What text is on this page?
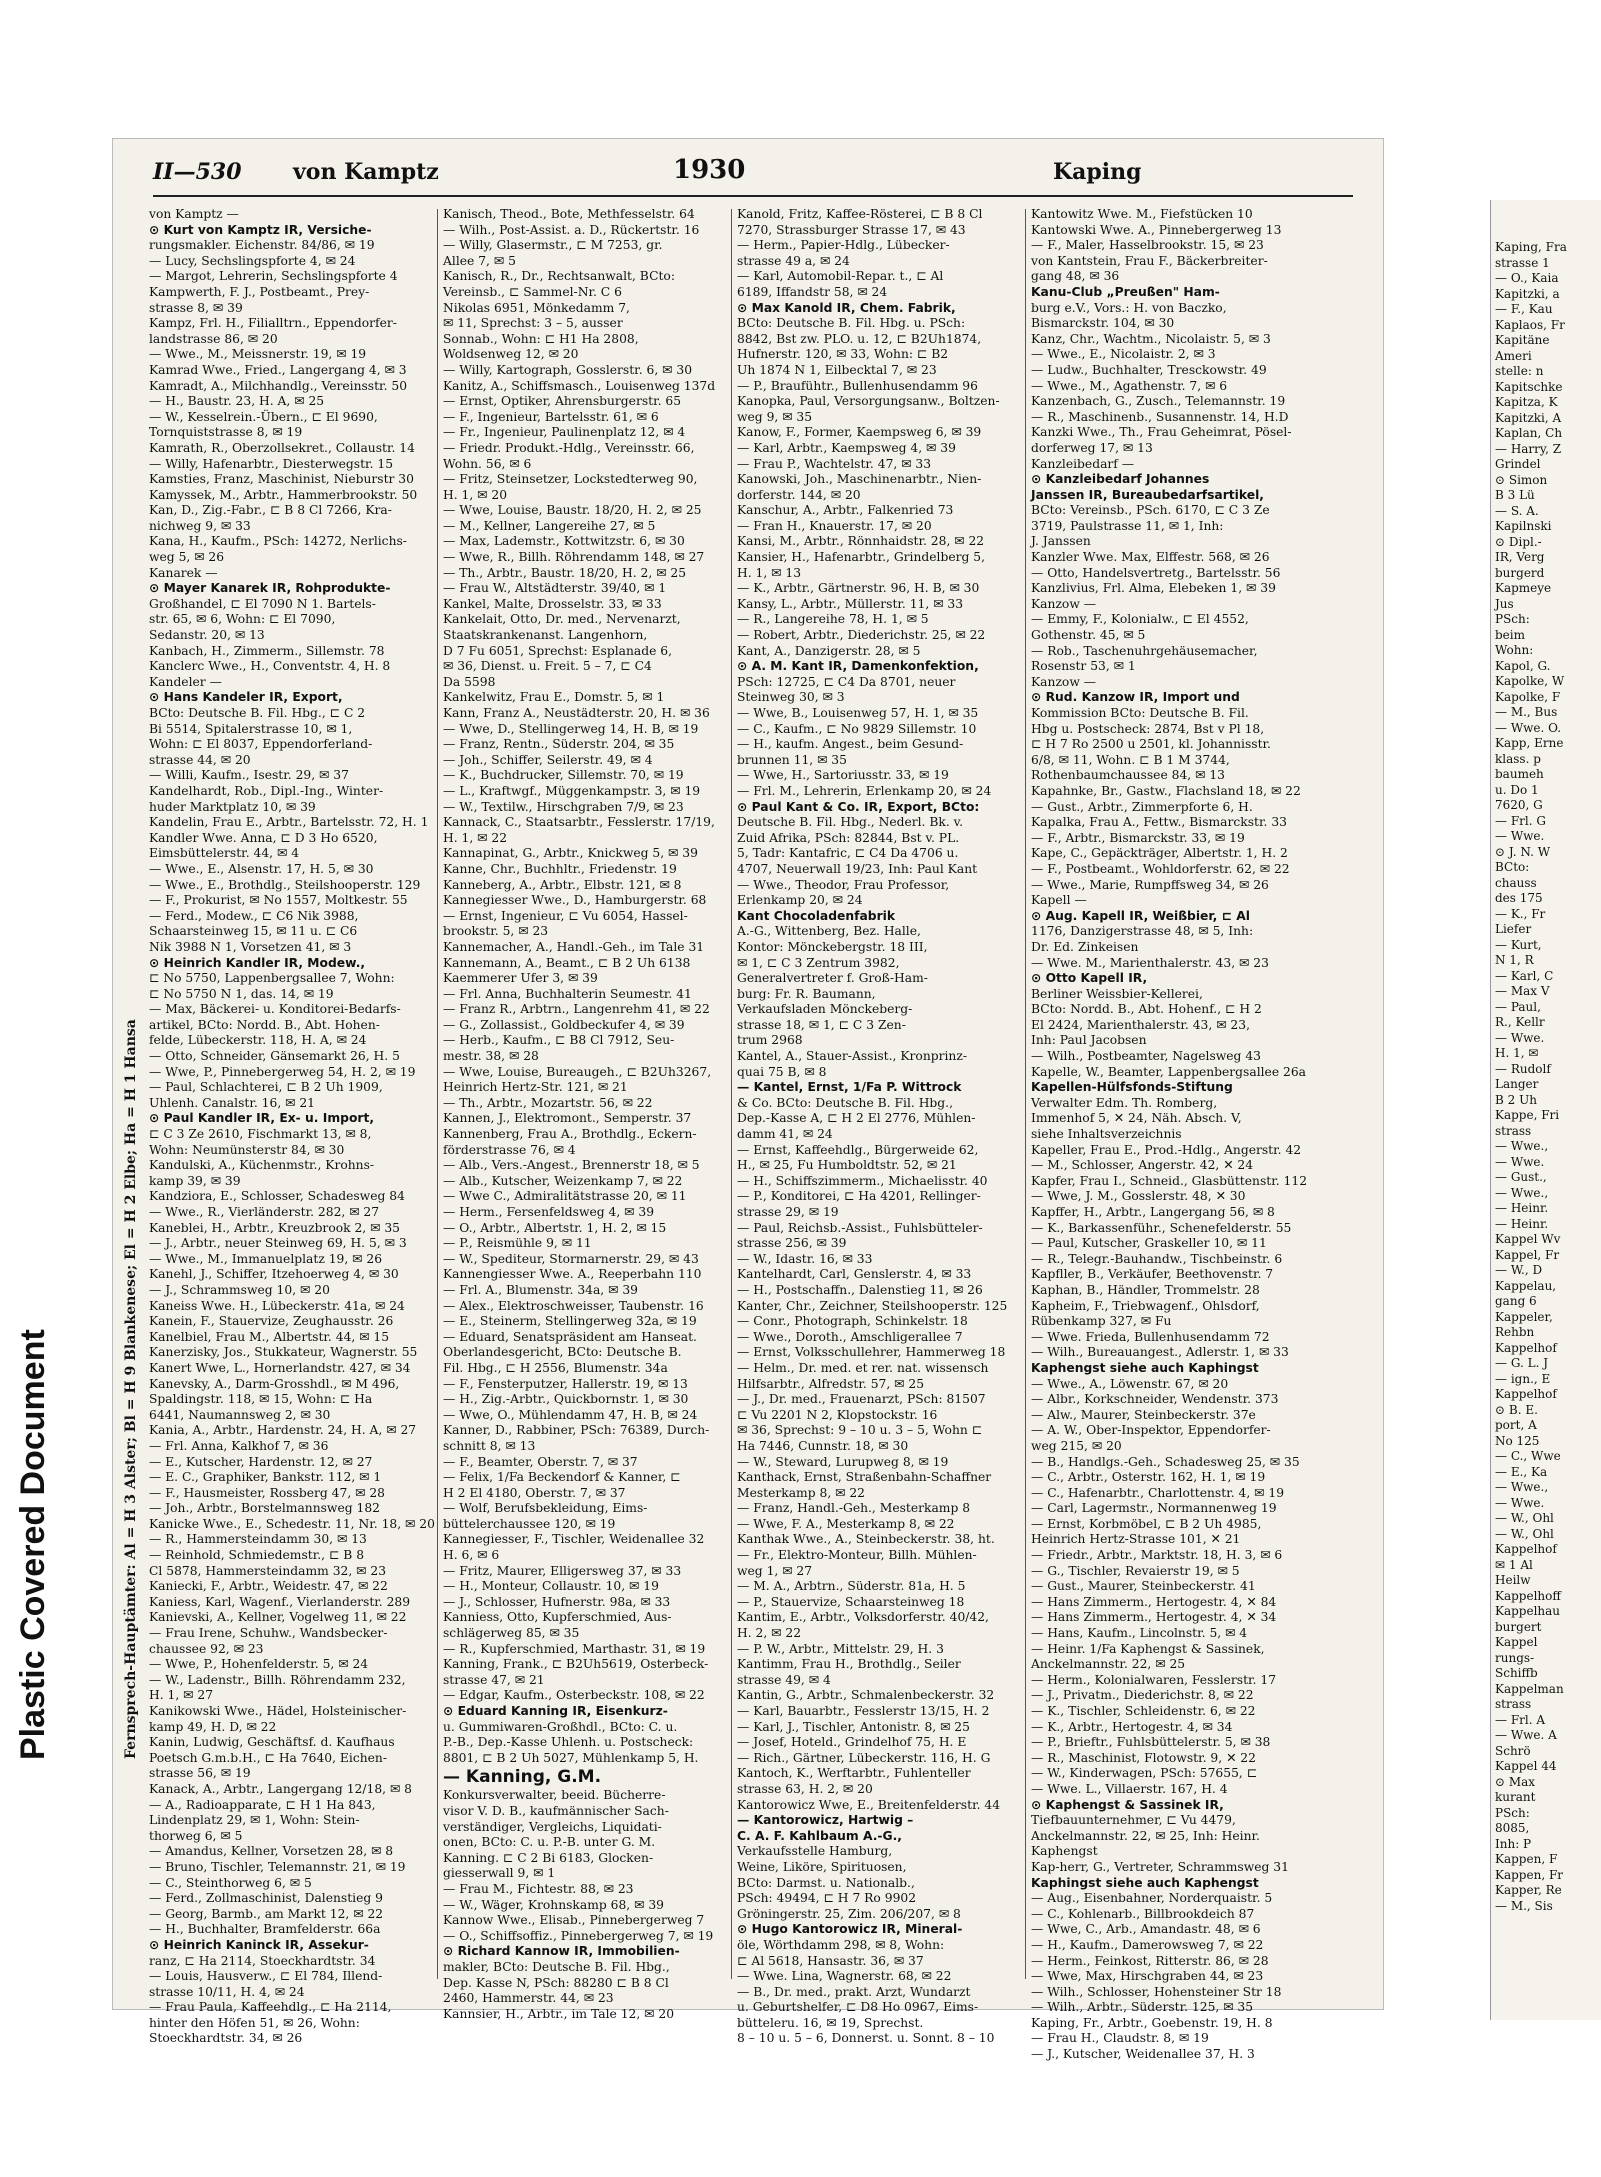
Plastic Covered Document
II—530 von Kamptz	1930	Kaping
Fernsprech-Hauptämter: Al = H 3 Alster; Bl = H 9 Blankenese; El = H 2 Elbe; Ha = H 1 Hansa
von Kamptz —
⊙ Kurt von Kamptz IR, Versiche-
rungsmakler. Eichenstr. 84/86, ✉ 19
— Lucy, Sechslingspforte 4, ✉ 24
— Margot, Lehrerin, Sechslingspforte 4
Kampwerth, F. J., Postbeamt., Prey-
strasse 8, ✉ 39
Kampz, Frl. H., Filialltrn., Eppendorfer-
landstrasse 86, ✉ 20
— Wwe., M., Meissnerstr. 19, ✉ 19
Kamrad Wwe., Fried., Langergang 4, ✉ 3
Kamradt, A., Milchhandlg., Vereinsstr. 50
— H., Baustr. 23, H. A, ✉ 25
— W., Kesselrein.-Übern., ⊏ El 9690,
Tornquiststrasse 8, ✉ 19
Kamrath, R., Oberzollsekret., Collaustr. 14
— Willy, Hafenarbtr., Diesterwegstr. 15
Kamsties, Franz, Maschinist, Nieburstr 30
Kamyssek, M., Arbtr., Hammerbrookstr. 50
Kan, D., Zig.-Fabr., ⊏ B 8 Cl 7266, Kra-
nichweg 9, ✉ 33
Kana, H., Kaufm., PSch: 14272, Nerlichs-
weg 5, ✉ 26
Kanarek —
⊙ Mayer Kanarek IR, Rohprodukte-
Großhandel, ⊏ El 7090 N 1. Bartels-
str. 65, ✉ 6, Wohn: ⊏ El 7090,
Sedanstr. 20, ✉ 13
Kanbach, H., Zimmerm., Sillemstr. 78
Kanclerc Wwe., H., Conventstr. 4, H. 8
Kandeler —
⊙ Hans Kandeler IR, Export,
BCto: Deutsche B. Fil. Hbg., ⊏ C 2
Bi 5514, Spitalerstrasse 10, ✉ 1,
Wohn: ⊏ El 8037, Eppendorferland-
strasse 44, ✉ 20
— Willi, Kaufm., Isestr. 29, ✉ 37
Kandelhardt, Rob., Dipl.-Ing., Winter-
huder Marktplatz 10, ✉ 39
Kandelin, Frau E., Arbtr., Bartelsstr. 72, H. 1
Kandler Wwe. Anna, ⊏ D 3 Ho 6520,
Eimsbüttelerstr. 44, ✉ 4
— Wwe., E., Alsenstr. 17, H. 5, ✉ 30
— Wwe., E., Brothdlg., Steilshooperstr. 129
— F., Prokurist, ✉ No 1557, Moltkestr. 55
— Ferd., Modew., ⊏ C6 Nik 3988,
Schaarsteinweg 15, ✉ 11 u. ⊏ C6
Nik 3988 N 1, Vorsetzen 41, ✉ 3
⊙ Heinrich Kandler IR, Modew.,
⊏ No 5750, Lappenbergsallee 7, Wohn:
⊏ No 5750 N 1, das. 14, ✉ 19
— Max, Bäckerei- u. Konditorei-Bedarfs-
artikel, BCto: Nordd. B., Abt. Hohen-
felde, Lübeckerstr. 118, H. A, ✉ 24
— Otto, Schneider, Gänsemarkt 26, H. 5
— Wwe, P., Pinnebergerweg 54, H. 2, ✉ 19
— Paul, Schlachterei, ⊏ B 2 Uh 1909,
Uhlenh. Canalstr. 16, ✉ 21
⊙ Paul Kandler IR, Ex- u. Import,
⊏ C 3 Ze 2610, Fischmarkt 13, ✉ 8,
Wohn: Neumünsterstr 84, ✉ 30
Kandulski, A., Küchenmstr., Krohns-
kamp 39, ✉ 39
Kandziora, E., Schlosser, Schadesweg 84
— Wwe., R., Vierländerstr. 282, ✉ 27
Kaneblei, H., Arbtr., Kreuzbrook 2, ✉ 35
— J., Arbtr., neuer Steinweg 69, H. 5, ✉ 3
— Wwe., M., Immanuelplatz 19, ✉ 26
Kanehl, J., Schiffer, Itzehoerweg 4, ✉ 30
— J., Schrammsweg 10, ✉ 20
Kaneiss Wwe. H., Lübeckerstr. 41a, ✉ 24
Kanein, F., Stauervize, Zeughausstr. 26
Kanelbiel, Frau M., Albertstr. 44, ✉ 15
Kanerzisky, Jos., Stukkateur, Wagnerstr. 55
Kanert Wwe, L., Hornerlandstr. 427, ✉ 34
Kanevsky, A., Darm-Grosshdl., ✉ M 496,
Spaldingstr. 118, ✉ 15, Wohn: ⊏ Ha
6441, Naumannsweg 2, ✉ 30
Kania, A., Arbtr., Hardenstr. 24, H. A, ✉ 27
— Frl. Anna, Kalkhof 7, ✉ 36
— E., Kutscher, Hardenstr. 12, ✉ 27
— E. C., Graphiker, Bankstr. 112, ✉ 1
— F., Hausmeister, Rossberg 47, ✉ 28
— Joh., Arbtr., Borstelmannsweg 182
Kanicke Wwe., E., Schedestr. 11, Nr. 18, ✉ 20
— R., Hammersteindamm 30, ✉ 13
— Reinhold, Schmiedemstr., ⊏ B 8
Cl 5878, Hammersteindamm 32, ✉ 23
Kaniecki, F., Arbtr., Weidestr. 47, ✉ 22
Kaniess, Karl, Wagenf., Vierlanderstr. 289
Kanievski, A., Kellner, Vogelweg 11, ✉ 22
— Frau Irene, Schuhw., Wandsbecker-
chaussee 92, ✉ 23
— Wwe, P., Hohenfelderstr. 5, ✉ 24
— W., Ladenstr., Billh. Röhrendamm 232,
H. 1, ✉ 27
Kanikowski Wwe., Hädel, Holsteinischer-
kamp 49, H. D, ✉ 22
Kanin, Ludwig, Geschäftsf. d. Kaufhaus
Poetsch G.m.b.H., ⊏ Ha 7640, Eichen-
strasse 56, ✉ 19
Kanack, A., Arbtr., Langergang 12/18, ✉ 8
— A., Radioapparate, ⊏ H 1 Ha 843,
Lindenplatz 29, ✉ 1, Wohn: Stein-
thorweg 6, ✉ 5
— Amandus, Kellner, Vorsetzen 28, ✉ 8
— Bruno, Tischler, Telemannstr. 21, ✉ 19
— C., Steinthorweg 6, ✉ 5
— Ferd., Zollmaschinist, Dalenstieg 9
— Georg, Barmb., am Markt 12, ✉ 22
— H., Buchhalter, Bramfelderstr. 66a
⊙ Heinrich Kaninck IR, Assekur-
ranz, ⊏ Ha 2114, Stoeckhardtstr. 34
— Louis, Hausverw., ⊏ El 784, Illend-
strasse 10/11, H. 4, ✉ 24
— Frau Paula, Kaffeehdlg., ⊏ Ha 2114,
hinter den Höfen 51, ✉ 26, Wohn:
Stoeckhardtstr. 34, ✉ 26
Kanisch, Theod., Bote, Methfesselstr. 64
— Wilh., Post-Assist. a. D., Rückertstr. 16
— Willy, Glasermstr., ⊏ M 7253, gr.
Allee 7, ✉ 5
Kanisch, R., Dr., Rechtsanwalt, BCto:
Vereinsb., ⊏ Sammel-Nr. C 6
Nikolas 6951, Mönkedamm 7,
✉ 11, Sprechst: 3 – 5, ausser
Sonnab., Wohn: ⊏ H1 Ha 2808,
Woldsenweg 12, ✉ 20
— Willy, Kartograph, Gosslerstr. 6, ✉ 30
Kanitz, A., Schiffsmasch., Louisenweg 137d
— Ernst, Optiker, Ahrensburgerstr. 65
— F., Ingenieur, Bartelsstr. 61, ✉ 6
— Fr., Ingenieur, Paulinenplatz 12, ✉ 4
— Friedr. Produkt.-Hdlg., Vereinsstr. 66,
Wohn. 56, ✉ 6
— Fritz, Steinsetzer, Lockstedterweg 90,
H. 1, ✉ 20
— Wwe, Louise, Baustr. 18/20, H. 2, ✉ 25
— M., Kellner, Langereihe 27, ✉ 5
— Max, Lademstr., Kottwitzstr. 6, ✉ 30
— Wwe, R., Billh. Röhrendamm 148, ✉ 27
— Th., Arbtr., Baustr. 18/20, H. 2, ✉ 25
— Frau W., Altstädterstr. 39/40, ✉ 1
Kankel, Malte, Drosselstr. 33, ✉ 33
Kankelait, Otto, Dr. med., Nervenarzt,
Staatskrankenanst. Langenhorn,
D 7 Fu 6051, Sprechst: Esplanade 6,
✉ 36, Dienst. u. Freit. 5 – 7, ⊏ C4
Da 5598
Kankelwitz, Frau E., Domstr. 5, ✉ 1
Kann, Franz A., Neustädterstr. 20, H. ✉ 36
— Wwe, D., Stellingerweg 14, H. B, ✉ 19
— Franz, Rentn., Süderstr. 204, ✉ 35
— Joh., Schiffer, Seilerstr. 49, ✉ 4
— K., Buchdrucker, Sillemstr. 70, ✉ 19
— L., Kraftwgf., Müggenkampstr. 3, ✉ 19
— W., Textilw., Hirschgraben 7/9, ✉ 23
Kannack, C., Staatsarbtr., Fesslerstr. 17/19,
H. 1, ✉ 22
Kannapinat, G., Arbtr., Knickweg 5, ✉ 39
Kanne, Chr., Buchhltr., Friedenstr. 19
Kanneberg, A., Arbtr., Elbstr. 121, ✉ 8
Kannegiesser Wwe., D., Hamburgerstr. 68
— Ernst, Ingenieur, ⊏ Vu 6054, Hassel-
brookstr. 5, ✉ 23
Kannemacher, A., Handl.-Geh., im Tale 31
Kannemann, A., Beamt., ⊏ B 2 Uh 6138
Kaemmerer Ufer 3, ✉ 39
— Frl. Anna, Buchhalterin Seumestr. 41
— Franz R., Arbtrn., Langenrehm 41, ✉ 22
— G., Zollassist., Goldbeckufer 4, ✉ 39
— Herb., Kaufm., ⊏ B8 Cl 7912, Seu-
mestr. 38, ✉ 28
— Wwe, Louise, Bureaugeh., ⊏ B2Uh3267,
Heinrich Hertz-Str. 121, ✉ 21
— Th., Arbtr., Mozartstr. 56, ✉ 22
Kannen, J., Elektromont., Semperstr. 37
Kannenberg, Frau A., Brothdlg., Eckern-
förderstrasse 76, ✉ 4
— Alb., Vers.-Angest., Brennerstr 18, ✉ 5
— Alb., Kutscher, Weizenkamp 7, ✉ 22
— Wwe C., Admiralitätstrasse 20, ✉ 11
— Herm., Fersenfeldsweg 4, ✉ 39
— O., Arbtr., Albertstr. 1, H. 2, ✉ 15
— P., Reismühle 9, ✉ 11
— W., Spediteur, Stormarnerstr. 29, ✉ 43
Kannengiesser Wwe. A., Reeperbahn 110
— Frl. A., Blumenstr. 34a, ✉ 39
— Alex., Elektroschweisser, Taubenstr. 16
— E., Steinerm, Stellingerweg 32a, ✉ 19
— Eduard, Senatspräsident am Hanseat.
Oberlandesgericht, BCto: Deutsche B.
Fil. Hbg., ⊏ H 2556, Blumenstr. 34a
— F., Fensterputzer, Hallerstr. 19, ✉ 13
— H., Zig.-Arbtr., Quickbornstr. 1, ✉ 30
— Wwe, O., Mühlendamm 47, H. B, ✉ 24
Kanner, D., Rabbiner, PSch: 76389, Durch-
schnitt 8, ✉ 13
— F., Beamter, Oberstr. 7, ✉ 37
— Felix, 1/Fa Beckendorf & Kanner, ⊏
H 2 El 4180, Oberstr. 7, ✉ 37
— Wolf, Berufsbekleidung, Eims-
büttelerchaussee 120, ✉ 19
Kannegiesser, F., Tischler, Weidenallee 32
H. 6, ✉ 6
— Fritz, Maurer, Elligersweg 37, ✉ 33
— H., Monteur, Collaustr. 10, ✉ 19
— J., Schlosser, Hufnerstr. 98a, ✉ 33
Kanniess, Otto, Kupferschmied, Aus-
schlägerweg 85, ✉ 35
— R., Kupferschmied, Marthastr. 31, ✉ 19
Kanning, Frank., ⊏ B2Uh5619, Osterbeck-
strasse 47, ✉ 21
— Edgar, Kaufm., Osterbeckstr. 108, ✉ 22
⊙ Eduard Kanning IR, Eisenkurz-
u. Gummiwaren-Großhdl., BCto: C. u.
P.-B., Dep.-Kasse Uhlenh. u. Postscheck:
8801, ⊏ B 2 Uh 5027, Mühlenkamp 5, H.
— Kanning, G.M.
Konkursverwalter, beeid. Bücherre-
visor V. D. B., kaufmännischer Sach-
verständiger, Vergleichs, Liquidati-
onen, BCto: C. u. P.-B. unter G. M.
Kanning. ⊏ C 2 Bi 6183, Glocken-
giesserwall 9, ✉ 1
— Frau M., Fichtestr. 88, ✉ 23
— W., Wäger, Krohnskamp 68, ✉ 39
Kannow Wwe., Elisab., Pinnebergerweg 7
— O., Schiffsoffiz., Pinnebergerweg 7, ✉ 19
⊙ Richard Kannow IR, Immobilien-
makler, BCto: Deutsche B. Fil. Hbg.,
Dep. Kasse N, PSch: 88280 ⊏ B 8 Cl
2460, Hammerstr. 44, ✉ 23
Kannsier, H., Arbtr., im Tale 12, ✉ 20
Kanold, Fritz, Kaffee-Rösterei, ⊏ B 8 Cl
7270, Strassburger Strasse 17, ✉ 43
— Herm., Papier-Hdlg., Lübecker-
strasse 49 a, ✉ 24
— Karl, Automobil-Repar. t., ⊏ Al
6189, Iffandstr 58, ✉ 24
⊙ Max Kanold IR, Chem. Fabrik,
BCto: Deutsche B. Fil. Hbg. u. PSch:
8842, Bst zw. PLO. u. 12, ⊏ B2Uh1874,
Hufnerstr. 120, ✉ 33, Wohn: ⊏ B2
Uh 1874 N 1, Eilbecktal 7, ✉ 23
— P., Braufühtr., Bullenhusendamm 96
Kanopka, Paul, Versorgungsanw., Boltzen-
weg 9, ✉ 35
Kanow, F., Former, Kaempsweg 6, ✉ 39
— Karl, Arbtr., Kaempsweg 4, ✉ 39
— Frau P., Wachtelstr. 47, ✉ 33
Kanowski, Joh., Maschinenarbtr., Nien-
dorferstr. 144, ✉ 20
Kanschur, A., Arbtr., Falkenried 73
— Fran H., Knauerstr. 17, ✉ 20
Kansi, M., Arbtr., Rönnhaidstr. 28, ✉ 22
Kansier, H., Hafenarbtr., Grindelberg 5,
H. 1, ✉ 13
— K., Arbtr., Gärtnerstr. 96, H. B, ✉ 30
Kansy, L., Arbtr., Müllerstr. 11, ✉ 33
— R., Langereihe 78, H. 1, ✉ 5
— Robert, Arbtr., Diederichstr. 25, ✉ 22
Kant, A., Danzigerstr. 28, ✉ 5
⊙ A. M. Kant IR, Damenkonfektion,
PSch: 12725, ⊏ C4 Da 8701, neuer
Steinweg 30, ✉ 3
— Wwe, B., Louisenweg 57, H. 1, ✉ 35
— C., Kaufm., ⊏ No 9829 Sillemstr. 10
— H., kaufm. Angest., beim Gesund-
brunnen 11, ✉ 35
— Wwe, H., Sartoriusstr. 33, ✉ 19
— Frl. M., Lehrerin, Erlenkamp 20, ✉ 24
⊙ Paul Kant & Co. IR, Export, BCto:
Deutsche B. Fil. Hbg., Nederl. Bk. v.
Zuid Afrika, PSch: 82844, Bst v. PL.
5, Tadr: Kantafric, ⊏ C4 Da 4706 u.
4707, Neuerwall 19/23, Inh: Paul Kant
— Wwe., Theodor, Frau Professor,
Erlenkamp 20, ✉ 24
Kant Chocoladenfabrik
A.-G., Wittenberg, Bez. Halle,
Kontor: Mönckebergstr. 18 III,
✉ 1, ⊏ C 3 Zentrum 3982,
Generalvertreter f. Groß-Ham-
burg: Fr. R. Baumann,
Verkaufsladen Mönckeberg-
strasse 18, ✉ 1, ⊏ C 3 Zen-
trum 2968
Kantel, A., Stauer-Assist., Kronprinz-
quai 75 B, ✉ 8
— Kantel, Ernst, 1/Fa P. Wittrock
& Co. BCto: Deutsche B. Fil. Hbg.,
Dep.-Kasse A, ⊏ H 2 El 2776, Mühlen-
damm 41, ✉ 24
— Ernst, Kaffeehdlg., Bürgerweide 62,
H., ✉ 25, Fu Humboldtstr. 52, ✉ 21
— H., Schiffszimmerm., Michaelisstr. 40
— P., Konditorei, ⊏ Ha 4201, Rellinger-
strasse 29, ✉ 19
— Paul, Reichsb.-Assist., Fuhlsbütteler-
strasse 256, ✉ 39
— W., Idastr. 16, ✉ 33
Kantelhardt, Carl, Genslerstr. 4, ✉ 33
— H., Postschaffn., Dalenstieg 11, ✉ 26
Kanter, Chr., Zeichner, Steilshooperstr. 125
— Conr., Photograph, Schinkelstr. 18
— Wwe., Doroth., Amschligerallee 7
— Ernst, Volksschullehrer, Hammerweg 18
— Helm., Dr. med. et rer. nat. wissensch
Hilfsarbtr., Alfredstr. 57, ✉ 25
— J., Dr. med., Frauenarzt, PSch: 81507
⊏ Vu 2201 N 2, Klopstockstr. 16
✉ 36, Sprechst: 9 – 10 u. 3 – 5, Wohn ⊏
Ha 7446, Cunnstr. 18, ✉ 30
— W., Steward, Lurupweg 8, ✉ 19
Kanthack, Ernst, Straßenbahn-Schaffner
Mesterkamp 8, ✉ 22
— Franz, Handl.-Geh., Mesterkamp 8
— Wwe, F. A., Mesterkamp 8, ✉ 22
Kanthak Wwe., A., Steinbeckerstr. 38, ht.
— Fr., Elektro-Monteur, Billh. Mühlen-
weg 1, ✉ 27
— M. A., Arbtrn., Süderstr. 81a, H. 5
— P., Stauervize, Schaarsteinweg 18
Kantim, E., Arbtr., Volksdorferstr. 40/42,
H. 2, ✉ 22
— P. W., Arbtr., Mittelstr. 29, H. 3
Kantimm, Frau H., Brothdlg., Seiler
strasse 49, ✉ 4
Kantin, G., Arbtr., Schmalenbeckerstr. 32
— Karl, Bauarbtr., Fesslerstr 13/15, H. 2
— Karl, J., Tischler, Antonistr. 8, ✉ 25
— Josef, Hoteld., Grindelhof 75, H. E
— Rich., Gärtner, Lübeckerstr. 116, H. G
Kantoch, K., Werftarbtr., Fuhlenteller
strasse 63, H. 2, ✉ 20
Kantorowicz Wwe, E., Breitenfelderstr. 44
— Kantorowicz, Hartwig –
C. A. F. Kahlbaum A.-G.,
Verkaufsstelle Hamburg,
Weine, Liköre, Spirituosen,
BCto: Darmst. u. Nationalb.,
PSch: 49494, ⊏ H 7 Ro 9902
Gröningerstr. 25, Zim. 206/207, ✉ 8
⊙ Hugo Kantorowicz IR, Mineral-
öle, Wörthdamm 298, ✉ 8, Wohn:
⊏ Al 5618, Hansastr. 36, ✉ 37
— Wwe. Lina, Wagnerstr. 68, ✉ 22
— B., Dr. med., prakt. Arzt, Wundarzt
u. Geburtshelfer, ⊏ D8 Ho 0967, Eims-
bütteleru. 16, ✉ 19, Sprechst.
8 – 10 u. 5 – 6, Donnerst. u. Sonnt. 8 – 10
Kantowitz Wwe. M., Fiefstücken 10
Kantowski Wwe. A., Pinnebergerweg 13
— F., Maler, Hasselbrookstr. 15, ✉ 23
von Kantstein, Frau F., Bäckerbreiter-
gang 48, ✉ 36
Kanu-Club „Preußen" Ham-
burg e.V., Vors.: H. von Baczko,
Bismarckstr. 104, ✉ 30
Kanz, Chr., Wachtm., Nicolaistr. 5, ✉ 3
— Wwe., E., Nicolaistr. 2, ✉ 3
— Ludw., Buchhalter, Tresckowstr. 49
— Wwe., M., Agathenstr. 7, ✉ 6
Kanzenbach, G., Zusch., Telemannstr. 19
— R., Maschinenb., Susannenstr. 14, H.D
Kanzki Wwe., Th., Frau Geheimrat, Pösel-
dorferweg 17, ✉ 13
Kanzleibedarf —
⊙ Kanzleibedarf Johannes
Janssen IR, Bureaubedarfsartikel,
BCto: Vereinsb., PSch. 6170, ⊏ C 3 Ze
3719, Paulstrasse 11, ✉ 1, Inh:
J. Janssen
Kanzler Wwe. Max, Elffestr. 568, ✉ 26
— Otto, Handelsvertretg., Bartelsstr. 56
Kanzlivius, Frl. Alma, Elebeken 1, ✉ 39
Kanzow —
— Emmy, F., Kolonialw., ⊏ El 4552,
Gothenstr. 45, ✉ 5
— Rob., Taschenuhrgehäusemacher,
Rosenstr 53, ✉ 1
Kanzow —
⊙ Rud. Kanzow IR, Import und
Kommission BCto: Deutsche B. Fil.
Hbg u. Postscheck: 2874, Bst v Pl 18,
⊏ H 7 Ro 2500 u 2501, kl. Johannisstr.
6/8, ✉ 11, Wohn. ⊏ B 1 M 3744,
Rothenbaumchaussee 84, ✉ 13
Kapahnke, Br., Gastw., Flachsland 18, ✉ 22
— Gust., Arbtr., Zimmerpforte 6, H.
Kapalka, Frau A., Fettw., Bismarckstr. 33
— F., Arbtr., Bismarckstr. 33, ✉ 19
Kape, C., Gepäckträger, Albertstr. 1, H. 2
— F., Postbeamt., Wohldorferstr. 62, ✉ 22
— Wwe., Marie, Rumpffsweg 34, ✉ 26
Kapell —
⊙ Aug. Kapell IR, Weißbier, ⊏ Al
1176, Danzigerstrasse 48, ✉ 5, Inh:
Dr. Ed. Zinkeisen
— Wwe. M., Marienthalerstr. 43, ✉ 23
⊙ Otto Kapell IR,
Berliner Weissbier-Kellerei,
BCto: Nordd. B., Abt. Hohenf., ⊏ H 2
El 2424, Marienthalerstr. 43, ✉ 23,
Inh: Paul Jacobsen
— Wilh., Postbeamter, Nagelsweg 43
Kapelle, W., Beamter, Lappenbergsallee 26a
Kapellen-Hülfsfonds-Stiftung
Verwalter Edm. Th. Romberg,
Immenhof 5, ✕ 24, Näh. Absch. V,
siehe Inhaltsverzeichnis
Kapeller, Frau E., Prod.-Hdlg., Angerstr. 42
— M., Schlosser, Angerstr. 42, ✕ 24
Kapfer, Frau I., Schneid., Glasbüttenstr. 112
— Wwe, J. M., Gosslerstr. 48, ✕ 30
Kapffer, H., Arbtr., Langergang 56, ✉ 8
— K., Barkassenführ., Schenefelderstr. 55
— Paul, Kutscher, Graskeller 10, ✉ 11
— R., Telegr.-Bauhandw., Tischbeinstr. 6
Kapfller, B., Verkäufer, Beethovenstr. 7
Kaphan, B., Händler, Trommelstr. 28
Kapheim, F., Triebwagenf., Ohlsdorf,
Rübenkamp 327, ✉ Fu
— Wwe. Frieda, Bullenhusendamm 72
— Wilh., Bureauangest., Adlerstr. 1, ✉ 33
Kaphengst siehe auch Kaphingst
— Wwe., A., Löwenstr. 67, ✉ 20
— Albr., Korkschneider, Wendenstr. 373
— Alw., Maurer, Steinbeckerstr. 37e
— A. W., Ober-Inspektor, Eppendorfer-
weg 215, ✉ 20
— B., Handlgs.-Geh., Schadesweg 25, ✉ 35
— C., Arbtr., Osterstr. 162, H. 1, ✉ 19
— C., Hafenarbtr., Charlottenstr. 4, ✉ 19
— Carl, Lagermstr., Normannenweg 19
— Ernst, Korbmöbel, ⊏ B 2 Uh 4985,
Heinrich Hertz-Strasse 101, ✕ 21
— Friedr., Arbtr., Marktstr. 18, H. 3, ✉ 6
— G., Tischler, Revaierstr 19, ✉ 5
— Gust., Maurer, Steinbeckerstr. 41
— Hans Zimmerm., Hertogestr. 4, ✕ 84
— Hans Zimmerm., Hertogestr. 4, ✕ 34
— Hans, Kaufm., Lincolnstr. 5, ✉ 4
— Heinr. 1/Fa Kaphengst & Sassinek,
Anckelmannstr. 22, ✉ 25
— Herm., Kolonialwaren, Fesslerstr. 17
— J., Privatm., Diederichstr. 8, ✉ 22
— K., Tischler, Schleidenstr. 6, ✉ 22
— K., Arbtr., Hertogestr. 4, ✉ 34
— P., Brieftr., Fuhlsbüttelerstr. 5, ✉ 38
— R., Maschinist, Flotowstr. 9, ✕ 22
— W., Kinderwagen, PSch: 57655, ⊏
— Wwe. L., Villaerstr. 167, H. 4
⊙ Kaphengst & Sassinek IR,
Tiefbauunternehmer, ⊏ Vu 4479,
Anckelmannstr. 22, ✉ 25, Inh: Heinr.
Kaphengst
Kap-herr, G., Vertreter, Schrammsweg 31
Kaphingst siehe auch Kaphengst
— Aug., Eisenbahner, Norderquaistr. 5
— C., Kohlenarb., Billbrookdeich 87
— Wwe, C., Arb., Amandastr. 48, ✉ 6
— H., Kaufm., Damerowsweg 7, ✉ 22
— Herm., Feinkost, Ritterstr. 86, ✉ 28
— Wwe, Max, Hirschgraben 44, ✉ 23
— Wilh., Schlosser, Hohensteiner Str 18
— Wilh., Arbtr., Süderstr. 125, ✉ 35
Kaping, Fr., Arbtr., Goebenstr. 19, H. 8
— Frau H., Claudstr. 8, ✉ 19
— J., Kutscher, Weidenallee 37, H. 3
Kaping, Fra
strasse 1
— O., Kaia
Kapitzki, a
— F., Kau
Kaplaos, Fr
Kapitäne
Ameri
stelle: n
Kapitschke
Kapitza, K
Kapitzki, A
Kaplan, Ch
— Harry, Z
Grindel
⊙ Simon
B 3 Lü
— S. A.
Kapilnski
⊙ Dipl.-
IR, Verg
burgerd
Kapmeye
Jus
PSch:
beim
Wohn:
Kapol, G.
Kapolke, W
Kapolke, F
— M., Bus
— Wwe. O.
Kapp, Erne
klass. p
baumeh
u. Do 1
7620, G
— Frl. G
— Wwe.
⊙ J. N. W
BCto:
chauss
des 175
— K., Fr
Liefer
— Kurt,
N 1, R
— Karl, C
— Max V
— Paul,
R., Kellr
— Wwe.
H. 1, ✉
— Rudolf
Langer
B 2 Uh
Kappe, Fri
strass
— Wwe.,
— Wwe.
— Gust.,
— Wwe.,
— Heinr.
— Heinr.
Kappel Wv
Kappel, Fr
— W., D
Kappelau,
gang 6
Kappeler,
Rehbn
Kappelhof
— G. L. J
— ign., E
Kappelhof
⊙ B. E.
port, A
No 125
— C., Wwe
— E., Ka
— Wwe.,
— Wwe.
— W., Ohl
— W., Ohl
Kappelhof
✉ 1 Al
Heilw
Kappelhoff
Kappelhau
burgert
Kappel
rungs-
Schiffb
Kappelman
strass
— Frl. A
— Wwe. A
Schrö
Kappel 44
⊙ Max
kurant
PSch:
8085,
Inh: P
Kappen, F
Kappen, Fr
Kapper, Re
— M., Sis
